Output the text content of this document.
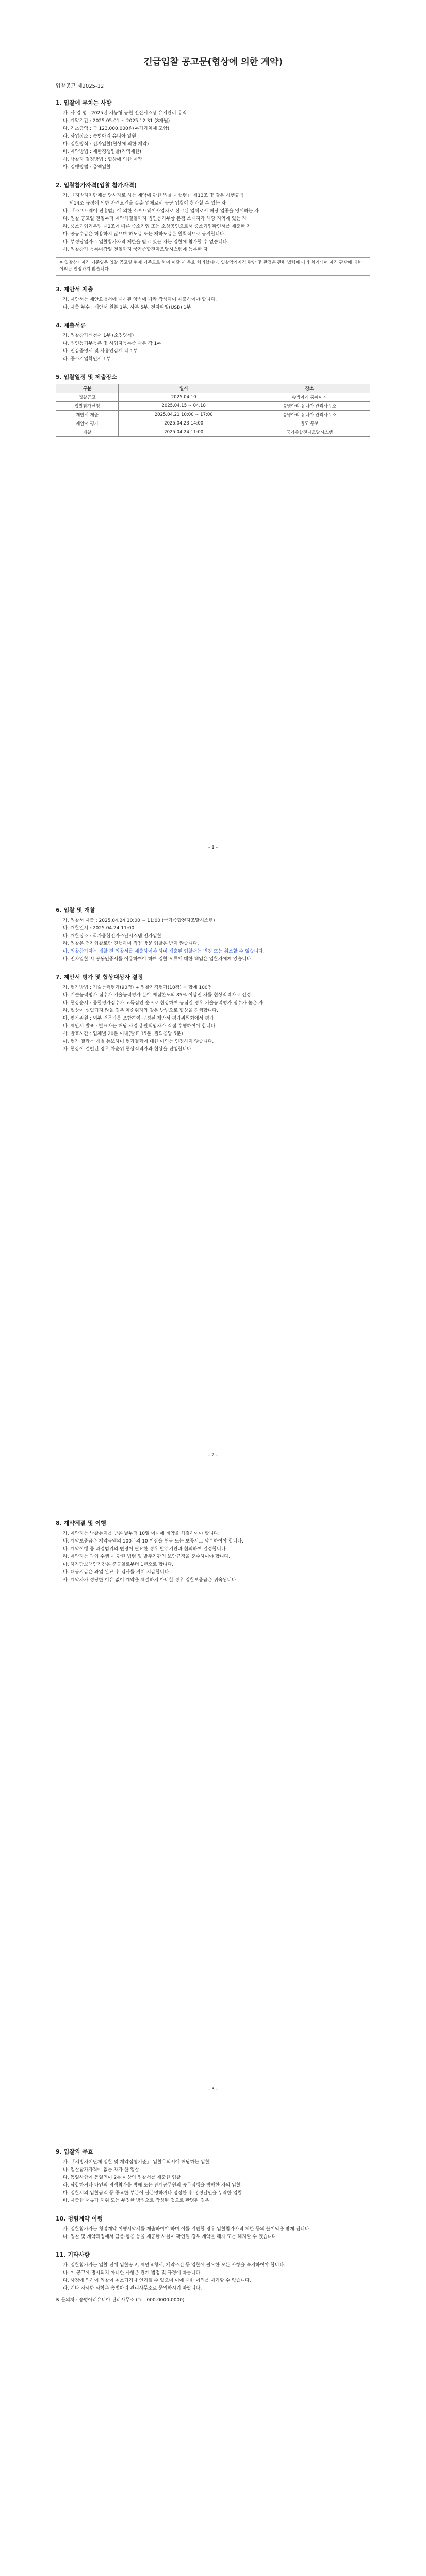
긴급입찰 공고문(협상에 의한 계약)
입찰공고 제2025-12
1. 입찰에 부치는 사항

가. 사 업 명 : 2025년 지능형 공원 전산시스템 유지관리 용역

나. 계약기간 : 2025.05.01 ~ 2025.12.31 (8개월)

다. 기초금액 : 금 123,000,000원(부가가치세 포함)

라. 사업장소 : 송병아리 유니아 일원

마. 입찰방식 : 전자입찰(협상에 의한 계약)

바. 계약방법 : 제한경쟁입찰(지역제한)

사. 낙찰자 결정방법 : 협상에 의한 계약

아. 집행방법 : 총액입찰

2. 입찰참가자격(입찰 참가자격)

가. 「지방자치단체를 당사자로 하는 계약에 관한 법률 시행령」 제13조 및 같은 시행규칙

제14조 규정에 의한 자격요건을 갖춘 업체로서 공공 입찰에 참가할 수 있는 자

나. 「소프트웨어 진흥법」에 의한 소프트웨어사업자로 신고된 업체로서 해당 업종을 영위하는 자

다. 입찰 공고일 전일부터 계약체결일까지 법인등기부상 본점 소재지가 해당 지역에 있는 자

라. 중소기업기본법 제2조에 따른 중소기업 또는 소상공인으로서 중소기업확인서를 제출한 자

마. 공동수급은 허용하지 않으며 하도급 또는 재하도급은 원칙적으로 금지합니다.

바. 부정당업자로 입찰참가자격 제한을 받고 있는 자는 입찰에 참가할 수 없습니다.

사. 입찰참가 등록마감일 전일까지 국가종합전자조달시스템에 등록한 자

※ 입찰참가자격 기준일은 입찰 공고일 현재 기준으로 하며 미달 시 무효 처리합니다. 입찰참가자격 판단 및 판정은 관련 법령에 따라 처리되며 자격 판단에 대한 이의는 인정하지 않습니다.

3. 제안서 제출

가. 제안서는 제안요청서에 제시된 양식에 따라 작성하여 제출하여야 합니다.

나. 제출 부수 : 제안서 원본 1부, 사본 5부, 전자파일(USB) 1부

4. 제출서류

가. 입찰참가신청서 1부 (소정양식)

나. 법인등기부등본 및 사업자등록증 사본 각 1부

다. 인감증명서 및 사용인감계 각 1부

라. 중소기업확인서 1부

5. 입찰일정 및 제출장소
구분	일시	장소
입찰공고	2025.04.10	송병아리 홈페이지
입찰참가신청	2025.04.15 ~ 04.18	송병아리 유니아 관리사무소
제안서 제출	2025.04.21 10:00 ~ 17:00	송병아리 유니아 관리사무소
제안서 평가	2025.04.23 14:00	별도 통보
개찰	2025.04.24 11:00	국가종합전자조달시스템
- 1 -
6. 입찰 및 개찰

가. 입찰서 제출 : 2025.04.24 10:00 ~ 11:00 (국가종합전자조달시스템)

나. 개찰일시 : 2025.04.24 11:00

다. 개찰장소 : 국가종합전자조달시스템 전자입찰

라. 입찰은 전자입찰로만 진행하며 직접 방문 입찰은 받지 않습니다.

마. 입찰참가자는 개찰 전 입찰서를 제출하여야 하며 제출된 입찰서는 변경 또는 취소할 수 없습니다.

바. 전자입찰 시 공동인증서를 이용하여야 하며 입찰 오류에 대한 책임은 입찰자에게 있습니다.

7. 제안서 평가 및 협상대상자 결정

가. 평가방법 : 기술능력평가(90점) + 입찰가격평가(10점) = 합계 100점

나. 기술능력평가 점수가 기술능력평가 분야 배점한도의 85% 이상인 자를 협상적격자로 선정

다. 협상순서 : 종합평가점수가 고득점인 순으로 협상하며 동점일 경우 기술능력평가 점수가 높은 자

라. 협상이 성립되지 않을 경우 차순위자와 같은 방법으로 협상을 진행합니다.

마. 평가위원 : 외부 전문가를 포함하여 구성된 제안서 평가위원회에서 평가

바. 제안서 발표 : 발표자는 해당 사업 총괄책임자가 직접 수행하여야 합니다.

사. 발표시간 : 업체별 20분 이내(발표 15분, 질의응답 5분)

아. 평가 결과는 개별 통보하며 평가결과에 대한 이의는 인정하지 않습니다.

자. 협상이 결렬된 경우 차순위 협상적격자와 협상을 진행합니다.

- 2 -
8. 계약체결 및 이행

가. 계약자는 낙찰통지를 받은 날부터 10일 이내에 계약을 체결하여야 합니다.

나. 계약보증금은 계약금액의 100분의 10 이상을 현금 또는 보증서로 납부하여야 합니다.

다. 계약이행 중 과업범위의 변경이 필요한 경우 발주기관과 협의하여 결정합니다.

라. 계약자는 과업 수행 시 관련 법령 및 발주기관의 보안규정을 준수하여야 합니다.

마. 하자담보책임기간은 준공일로부터 1년으로 합니다.

바. 대금지급은 과업 완료 후 검사를 거쳐 지급합니다.

사. 계약자가 정당한 이유 없이 계약을 체결하지 아니할 경우 입찰보증금은 귀속됩니다.

- 3 -
9. 입찰의 무효

가. 「지방자치단체 입찰 및 계약집행기준」 입찰유의서에 해당하는 입찰

나. 입찰참가자격이 없는 자가 한 입찰

다. 동일사항에 동일인이 2통 이상의 입찰서를 제출한 입찰

라. 담합하거나 타인의 경쟁참가를 방해 또는 관계공무원의 공무집행을 방해한 자의 입찰

마. 입찰서의 입찰금액 등 중요한 부분이 불분명하거나 정정한 후 정정날인을 누락한 입찰

바. 제출한 서류가 허위 또는 부정한 방법으로 작성된 것으로 판명된 경우

10. 청렴계약 이행

가. 입찰참가자는 청렴계약 이행서약서를 제출하여야 하며 이를 위반할 경우 입찰참가자격 제한 등의 불이익을 받게 됩니다.

나. 입찰 및 계약과정에서 금품·향응 등을 제공한 사실이 확인될 경우 계약을 해제 또는 해지할 수 있습니다.

11. 기타사항

가. 입찰참가자는 입찰 전에 입찰공고, 제안요청서, 계약조건 등 입찰에 필요한 모든 사항을 숙지하여야 합니다.

나. 이 공고에 명시되지 아니한 사항은 관계 법령 및 규정에 따릅니다.

다. 사정에 의하여 입찰이 취소되거나 연기될 수 있으며 이에 대한 이의를 제기할 수 없습니다.

라. 기타 자세한 사항은 송병아리 관리사무소로 문의하시기 바랍니다.

※ 문의처 : 송병아리유니아 관리사무소 (Tel. 000-0000-0000)
